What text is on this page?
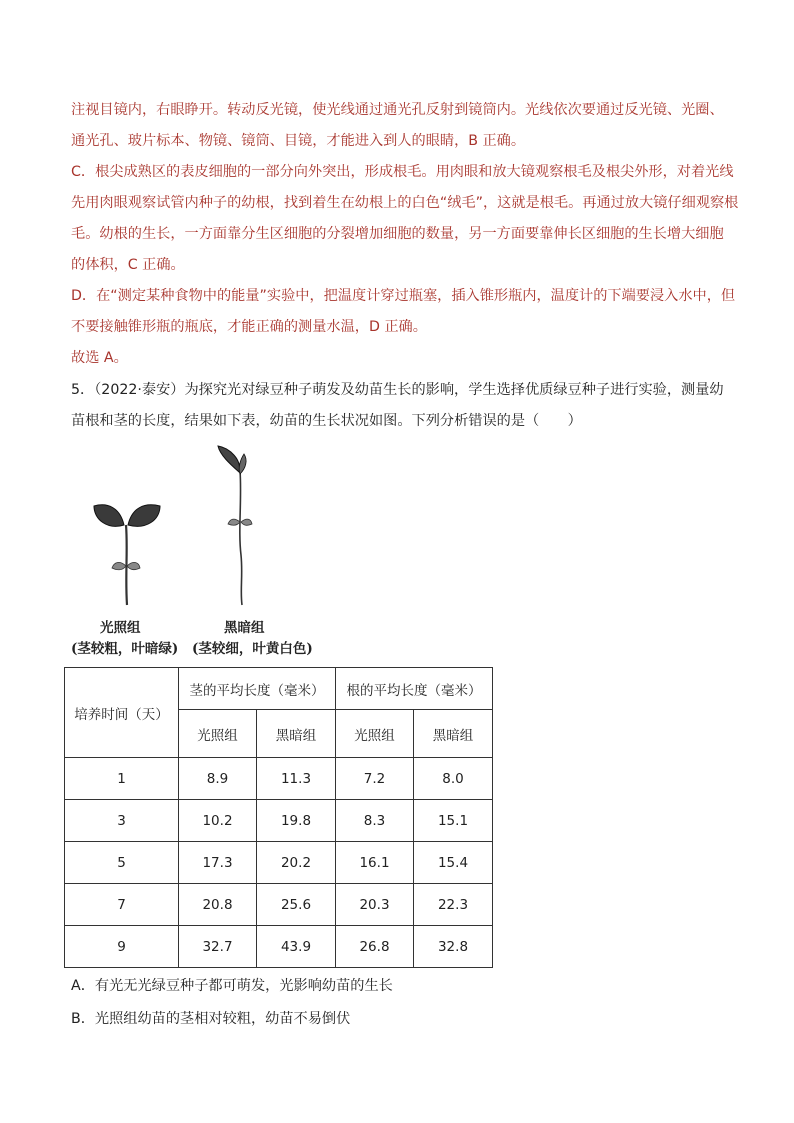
注视目镜内，右眼睁开。转动反光镜，使光线通过通光孔反射到镜筒内。光线依次要通过反光镜、光圈、
通光孔、玻片标本、物镜、镜筒、目镜，才能进入到人的眼睛，B 正确。
C．根尖成熟区的表皮细胞的一部分向外突出，形成根毛。用肉眼和放大镜观察根毛及根尖外形，对着光线
先用肉眼观察试管内种子的幼根，找到着生在幼根上的白色“绒毛”，这就是根毛。再通过放大镜仔细观察根
毛。幼根的生长，一方面靠分生区细胞的分裂增加细胞的数量，另一方面要靠伸长区细胞的生长增大细胞
的体积，C 正确。
D．在“测定某种食物中的能量”实验中，把温度计穿过瓶塞，插入锥形瓶内，温度计的下端要浸入水中，但
不要接触锥形瓶的瓶底，才能正确的测量水温，D 正确。
故选 A。
5．（2022·泰安）为探究光对绿豆种子萌发及幼苗生长的影响，学生选择优质绿豆种子进行实验，测量幼
苗根和茎的长度，结果如下表，幼苗的生长状况如图。下列分析错误的是（　　）
光照组	黑暗组
(茎较粗，叶暗绿) (茎较细，叶黄白色)
培养时间（天）	茎的平均长度（毫米）		根的平均长度（毫米）	
	光照组	黑暗组	光照组	黑暗组
1	8.9	11.3	7.2	8.0
3	10.2	19.8	8.3	15.1
5	17.3	20.2	16.1	15.4
7	20.8	25.6	20.3	22.3
9	32.7	43.9	26.8	32.8
A．有光无光绿豆种子都可萌发，光影响幼苗的生长
B．光照组幼苗的茎相对较粗，幼苗不易倒伏
